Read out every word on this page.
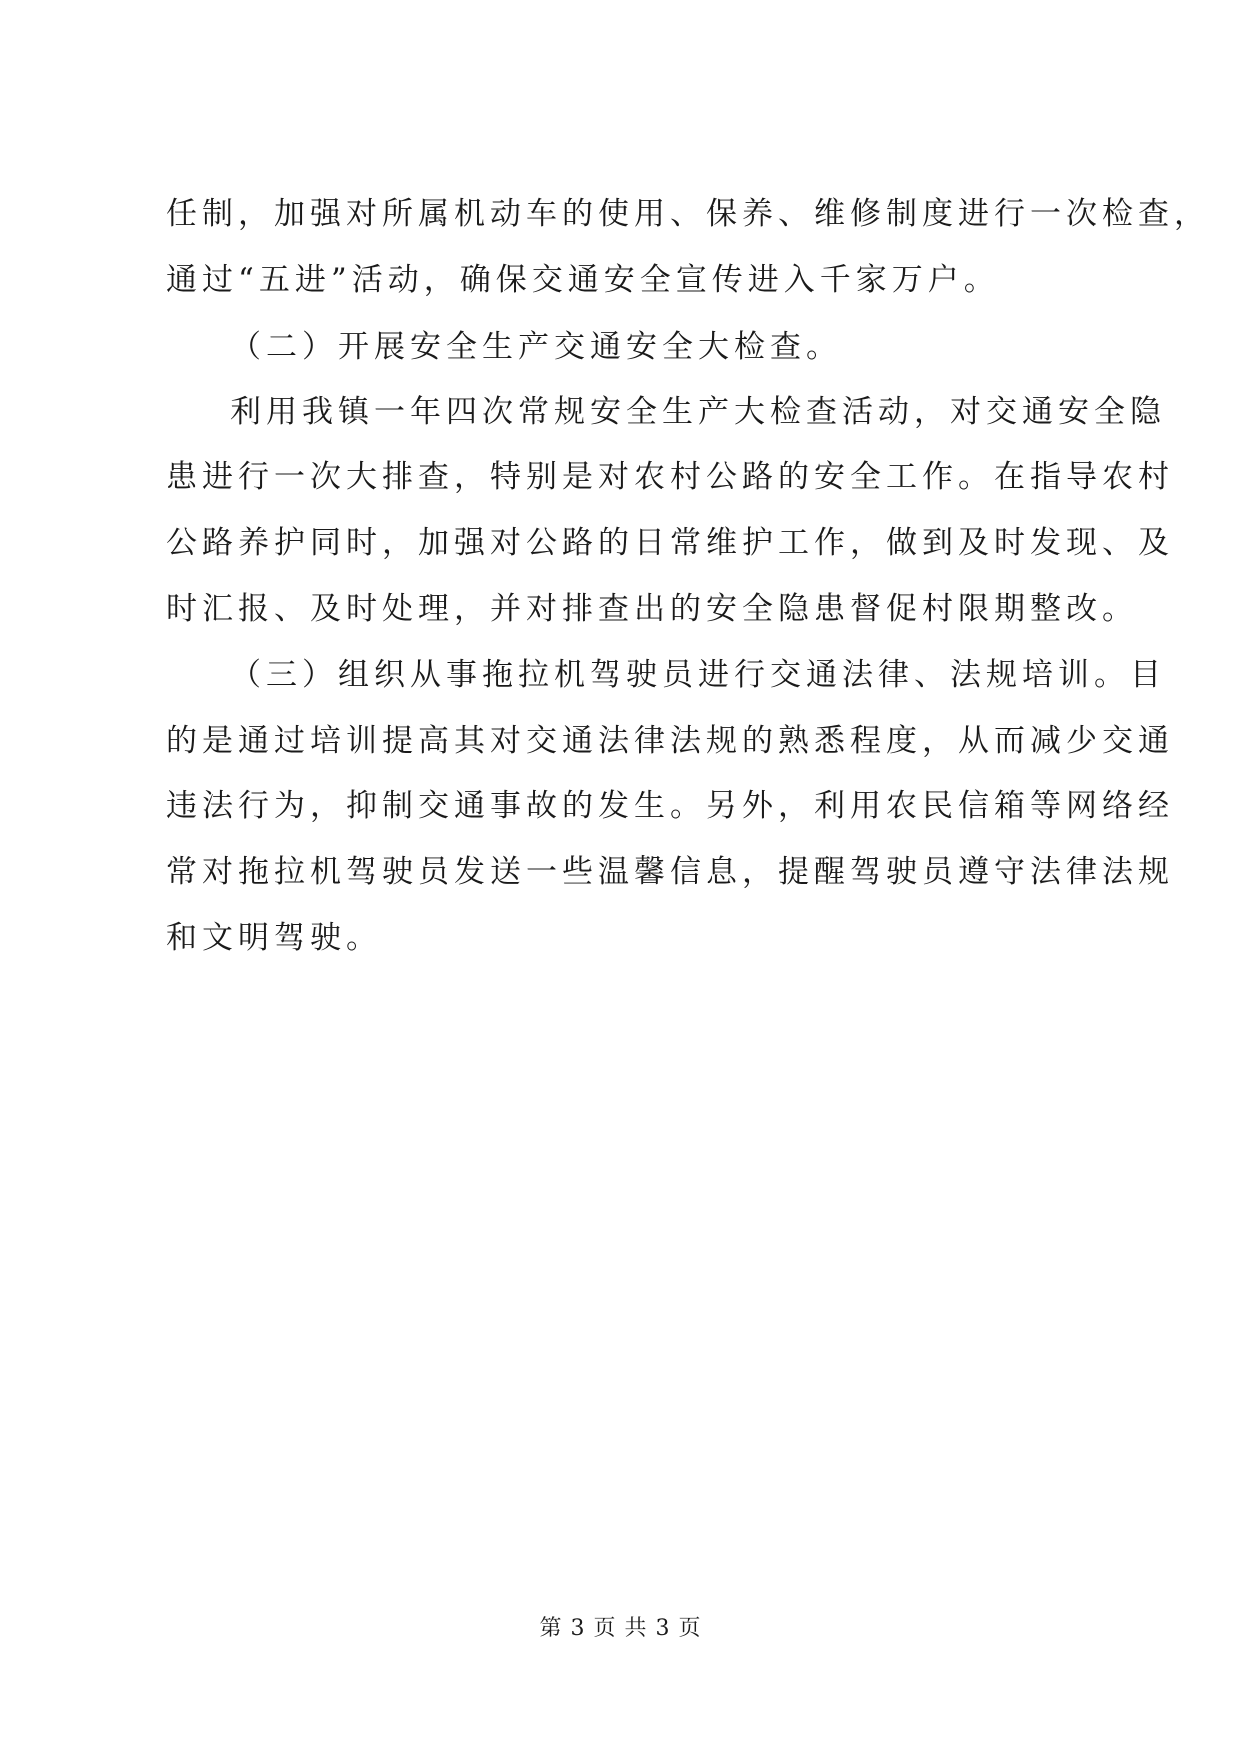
任制，加强对所属机动车的使用、保养、维修制度进行一次检查，

通过“五进”活动，确保交通安全宣传进入千家万户。

（二）开展安全生产交通安全大检查。

利用我镇一年四次常规安全生产大检查活动，对交通安全隐

患进行一次大排查，特别是对农村公路的安全工作。在指导农村

公路养护同时，加强对公路的日常维护工作，做到及时发现、及

时汇报、及时处理，并对排查出的安全隐患督促村限期整改。

（三）组织从事拖拉机驾驶员进行交通法律、法规培训。目

的是通过培训提高其对交通法律法规的熟悉程度，从而减少交通

违法行为，抑制交通事故的发生。另外，利用农民信箱等网络经

常对拖拉机驾驶员发送一些温馨信息，提醒驾驶员遵守法律法规

和文明驾驶。

第 3 页 共 3 页
